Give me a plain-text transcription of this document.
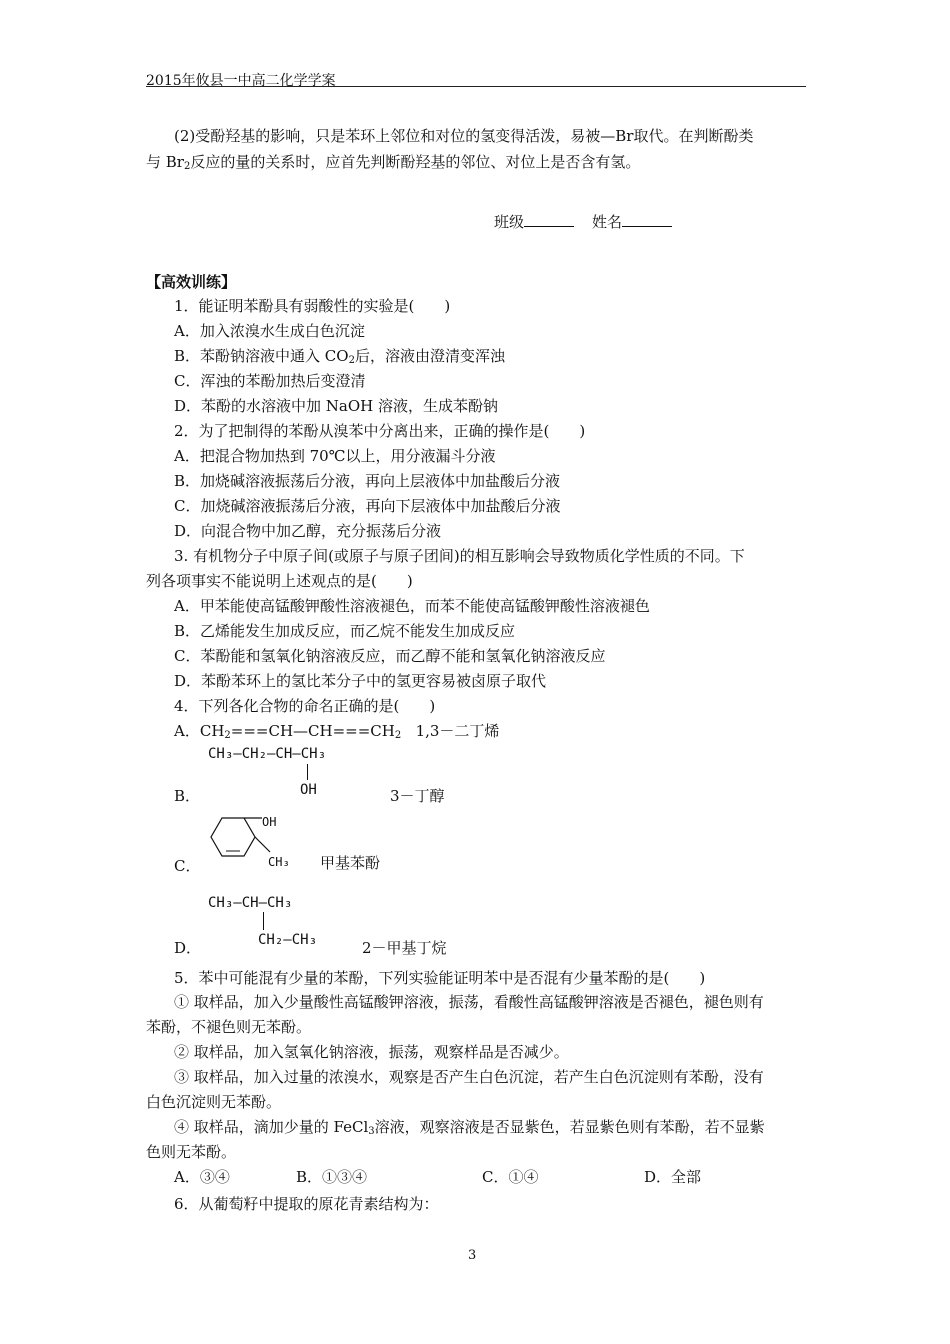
2015年攸县一中高二化学学案
(2)受酚羟基的影响，只是苯环上邻位和对位的氢变得活泼，易被—Br取代。在判断酚类
与 $Br_2$反应的量的关系时，应首先判断酚羟基的邻位、对位上是否含有氢。
班级	姓名
【高效训练】
1．能证明苯酚具有弱酸性的实验是(　　)
A．加入浓溴水生成白色沉淀
B．苯酚钠溶液中通入 $CO_2$后，溶液由澄清变浑浊
C．浑浊的苯酚加热后变澄清
D．苯酚的水溶液中加 NaOH 溶液，生成苯酚钠
2．为了把制得的苯酚从溴苯中分离出来，正确的操作是(　　)
A．把混合物加热到 70℃以上，用分液漏斗分液
B．加烧碱溶液振荡后分液，再向上层液体中加盐酸后分液
C．加烧碱溶液振荡后分液，再向下层液体中加盐酸后分液
D．向混合物中加乙醇，充分振荡后分液
3. 有机物分子中原子间(或原子与原子团间)的相互影响会导致物质化学性质的不同。下
列各项事实不能说明上述观点的是(　　)
A．甲苯能使高锰酸钾酸性溶液褪色，而苯不能使高锰酸钾酸性溶液褪色
B．乙烯能发生加成反应，而乙烷不能发生加成反应
C．苯酚能和氢氧化钠溶液反应，而乙醇不能和氢氧化钠溶液反应
D．苯酚苯环上的氢比苯分子中的氢更容易被卤原子取代
4．下列各化合物的命名正确的是(　　)
A．$CH_2===CH—CH===CH_2$ 1,3－二丁烯
CH₃—CH₂—CH—CH₃
OH
B．	3－丁醇
OH
CH₃
C．	甲基苯酚
CH₃—CH—CH₃
CH₂—CH₃
D．	2－甲基丁烷
5．苯中可能混有少量的苯酚，下列实验能证明苯中是否混有少量苯酚的是(　　)
① 取样品，加入少量酸性高锰酸钾溶液，振荡，看酸性高锰酸钾溶液是否褪色，褪色则有
苯酚，不褪色则无苯酚。
② 取样品，加入氢氧化钠溶液，振荡，观察样品是否减少。
③ 取样品，加入过量的浓溴水，观察是否产生白色沉淀，若产生白色沉淀则有苯酚，没有
白色沉淀则无苯酚。
④ 取样品，滴加少量的 FeCl$_3$溶液，观察溶液是否显紫色，若显紫色则有苯酚，若不显紫
色则无苯酚。
A．③④	B．①③④	C．①④	D．全部
6．从葡萄籽中提取的原花青素结构为：
3
